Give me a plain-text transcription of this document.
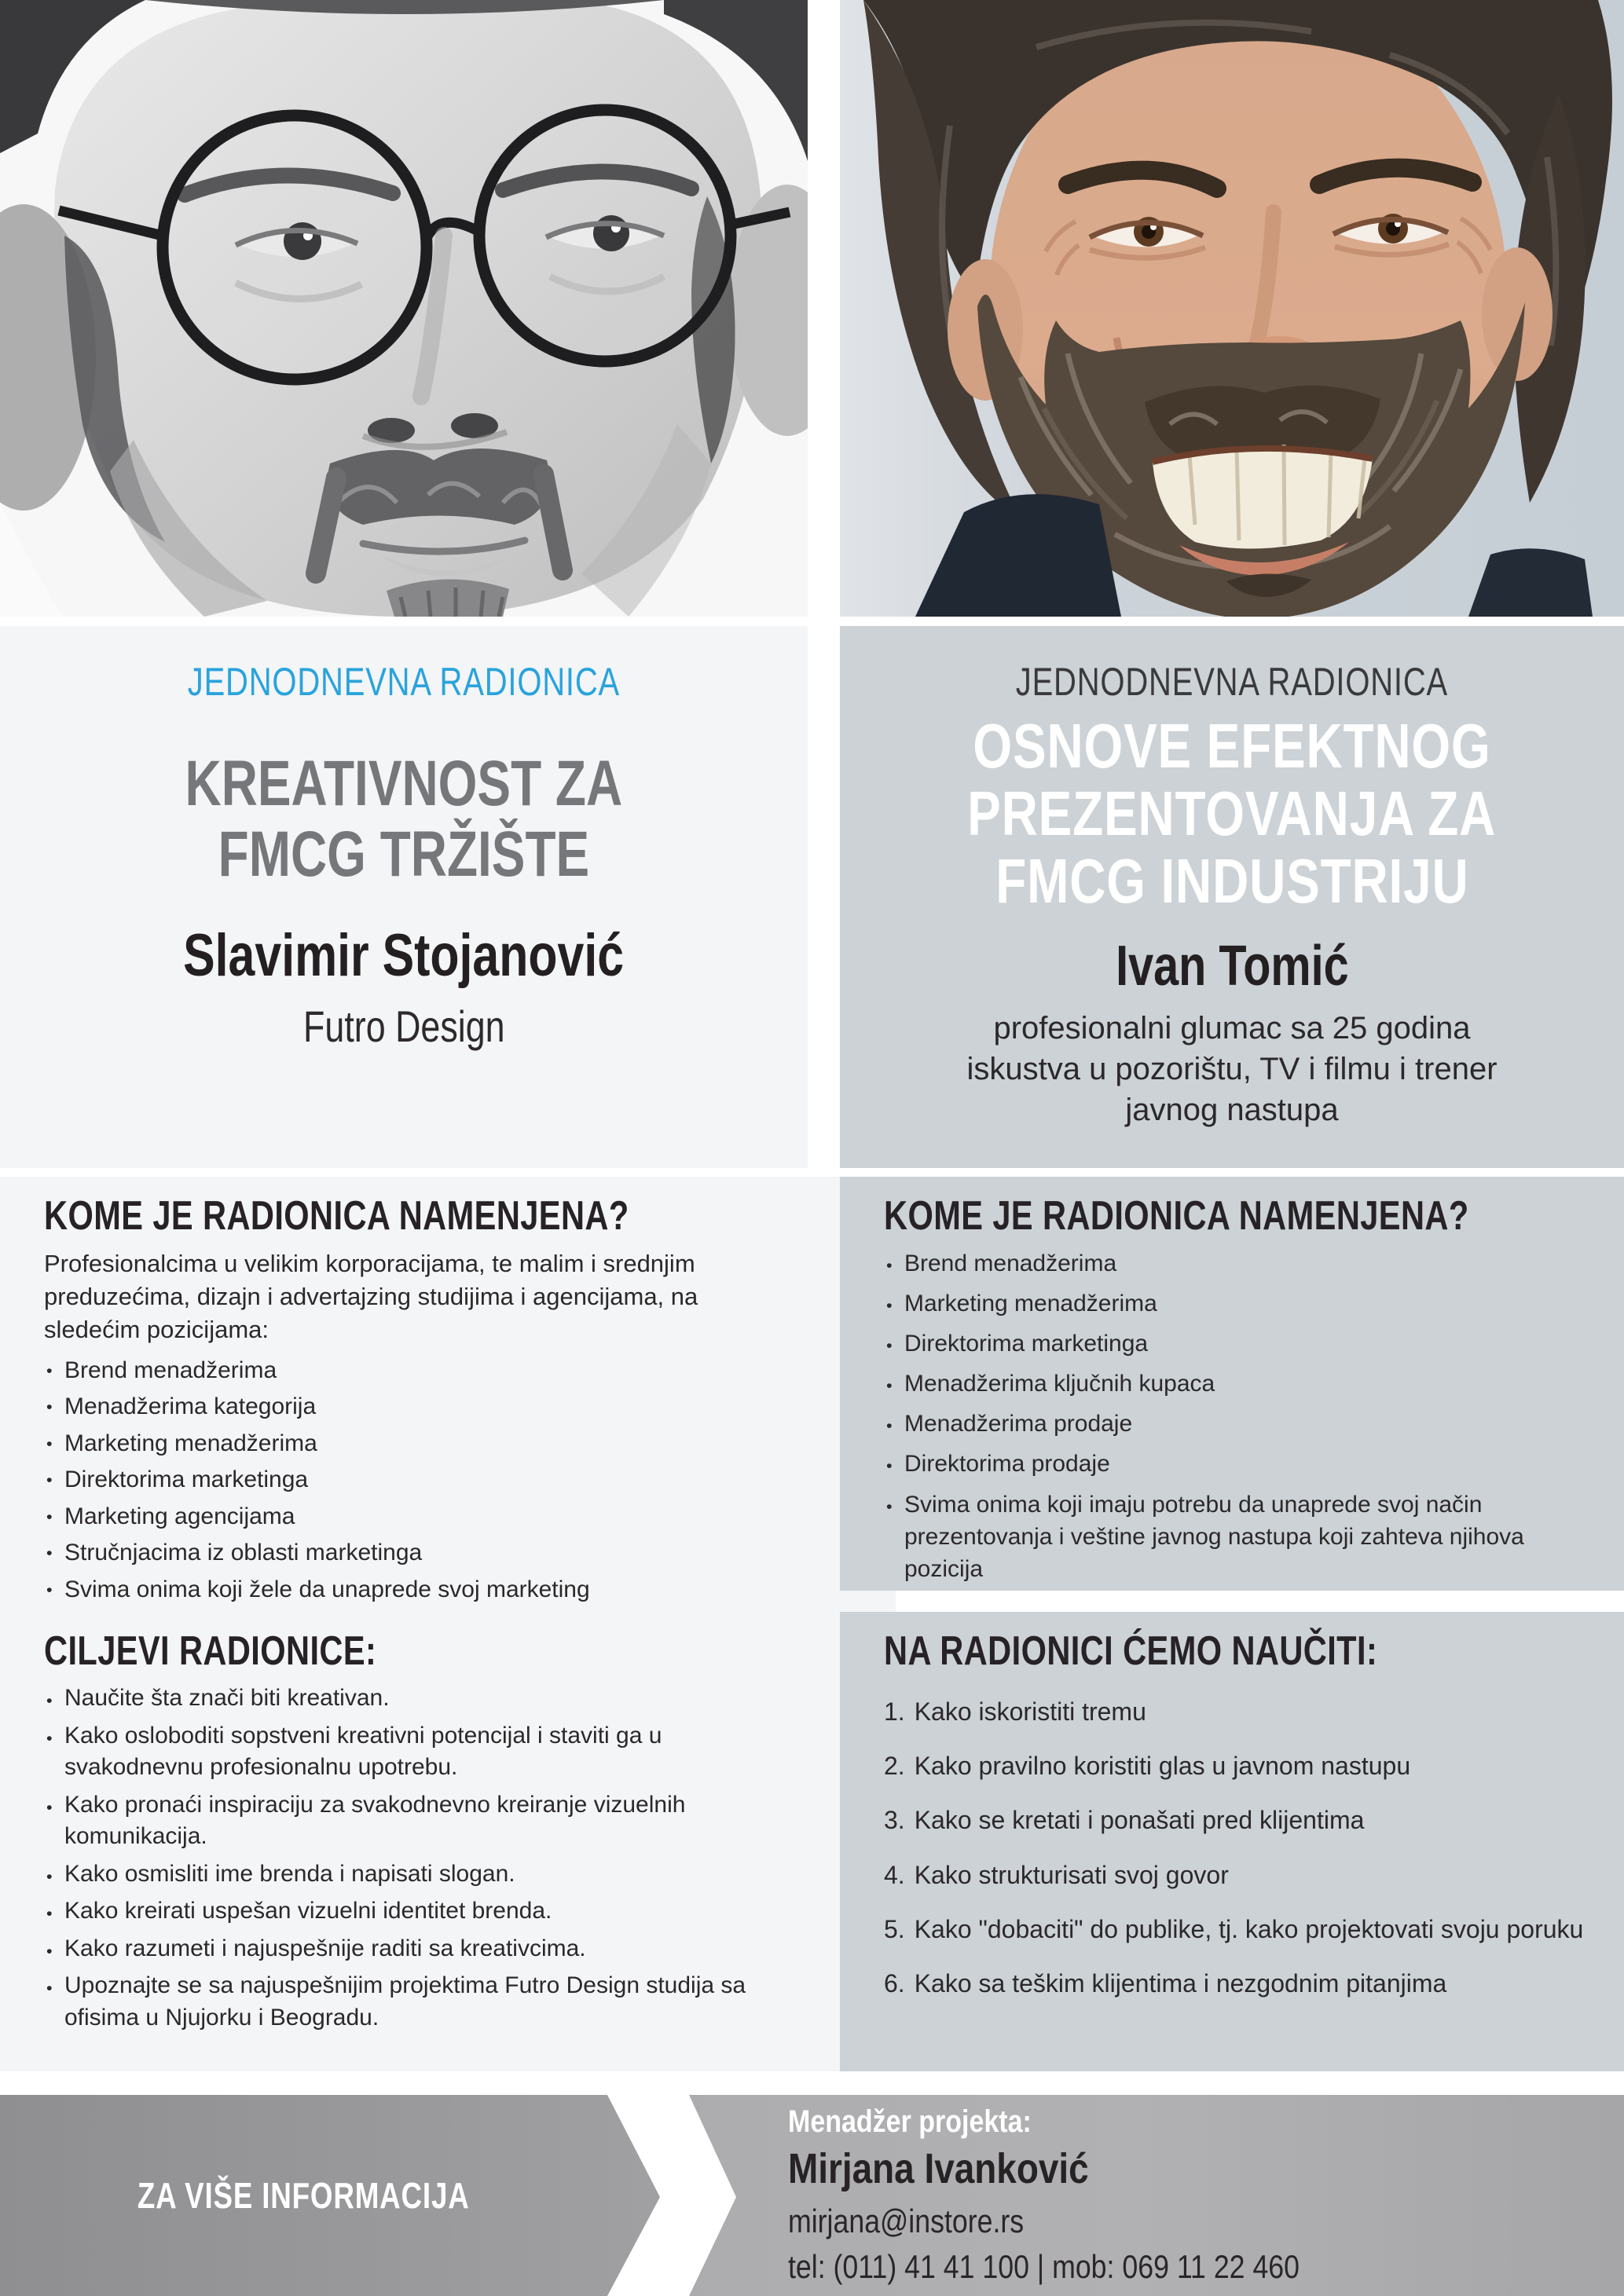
JEDNODNEVNA RADIONICA
KREATIVNOST ZA
FMCG TRŽIŠTE
Slavimir Stojanović
Futro Design
JEDNODNEVNA RADIONICA
OSNOVE EFEKTNOG
PREZENTOVANJA ZA
FMCG INDUSTRIJU
Ivan Tomić
profesionalni glumac sa 25 godina
iskustva u pozorištu, TV i filmu i trener
javnog nastupa
KOME JE RADIONICA NAMENJENA?

Profesionalcima u velikim korporacijama, te malim i srednjim preduzećima, dizajn i advertajzing studijima i agencijama, na sledećim pozicijama:

• Brend menadžerima
• Menadžerima kategorija
• Marketing menadžerima
• Direktorima marketinga
• Marketing agencijama
• Stručnjacima iz oblasti marketinga
• Svima onima koji žele da unaprede svoj marketing
KOME JE RADIONICA NAMENJENA?
• Brend menadžerima
• Marketing menadžerima
• Direktorima marketinga
• Menadžerima ključnih kupaca
• Menadžerima prodaje
• Direktorima prodaje
• Svima onima koji imaju potrebu da unaprede svoj način prezentovanja i veštine javnog nastupa koji zahteva njihova pozicija
CILJEVI RADIONICE:
• Naučite šta znači biti kreativan.
• Kako osloboditi sopstveni kreativni potencijal i staviti ga u svakodnevnu profesionalnu upotrebu.
• Kako pronaći inspiraciju za svakodnevno kreiranje vizuelnih komunikacija.
• Kako osmisliti ime brenda i napisati slogan.
• Kako kreirati uspešan vizuelni identitet brenda.
• Kako razumeti i najuspešnije raditi sa kreativcima.
• Upoznajte se sa najuspešnijim projektima Futro Design studija sa ofisima u Njujorku i Beogradu.
NA RADIONICI ĆEMO NAUČITI:
1. Kako iskoristiti tremu
2. Kako pravilno koristiti glas u javnom nastupu
3. Kako se kretati i ponašati pred klijentima
4. Kako strukturisati svoj govor
5. Kako "dobaciti" do publike, tj. kako projektovati svoju poruku
6. Kako sa teškim klijentima i nezgodnim pitanjima
ZA VIŠE INFORMACIJA
Menadžer projekta:
Mirjana Ivanković
mirjana@instore.rs
tel: (011) 41 41 100 | mob: 069 11 22 460
